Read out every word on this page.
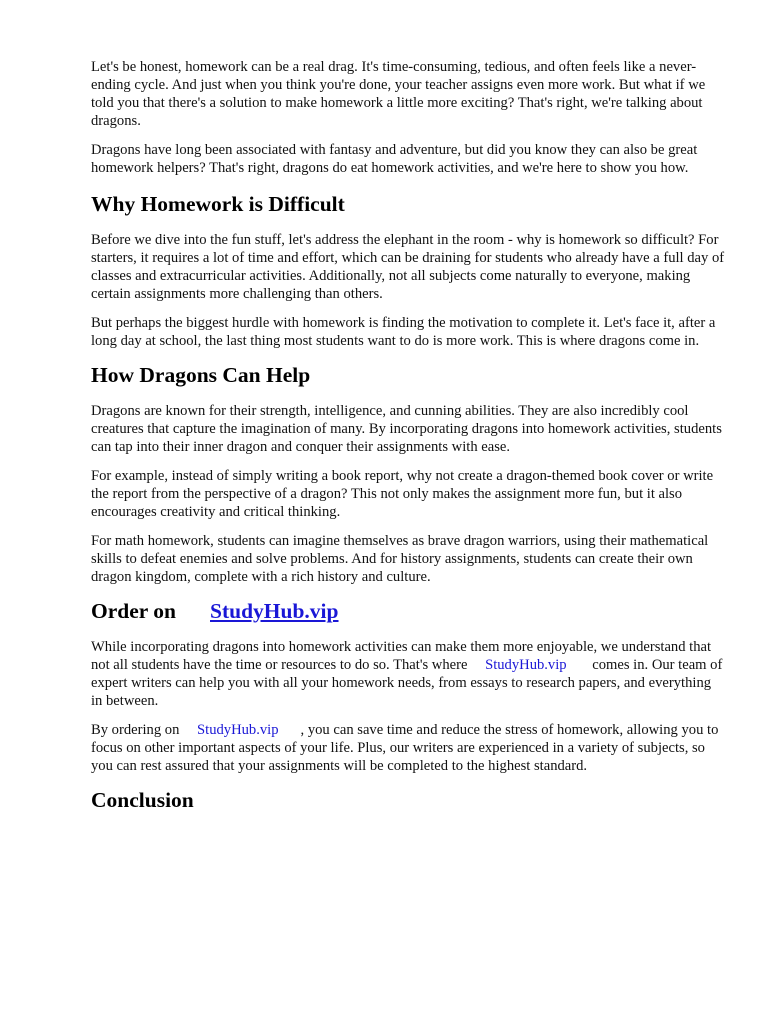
Let's be honest, homework can be a real drag. It's time-consuming, tedious, and often feels like a never-ending cycle. And just when you think you're done, your teacher assigns even more work. But what if we told you that there's a solution to make homework a little more exciting? That's right, we're talking about dragons.

Dragons have long been associated with fantasy and adventure, but did you know they can also be great homework helpers? That's right, dragons do eat homework activities, and we're here to show you how.

Why Homework is Difficult

Before we dive into the fun stuff, let's address the elephant in the room - why is homework so difficult? For starters, it requires a lot of time and effort, which can be draining for students who already have a full day of classes and extracurricular activities. Additionally, not all subjects come naturally to everyone, making certain assignments more challenging than others.

But perhaps the biggest hurdle with homework is finding the motivation to complete it. Let's face it, after a long day at school, the last thing most students want to do is more work. This is where dragons come in.

How Dragons Can Help

Dragons are known for their strength, intelligence, and cunning abilities. They are also incredibly cool creatures that capture the imagination of many. By incorporating dragons into homework activities, students can tap into their inner dragon and conquer their assignments with ease.

For example, instead of simply writing a book report, why not create a dragon-themed book cover or write the report from the perspective of a dragon? This not only makes the assignment more fun, but it also encourages creativity and critical thinking.

For math homework, students can imagine themselves as brave dragon warriors, using their mathematical skills to defeat enemies and solve problems. And for history assignments, students can create their own dragon kingdom, complete with a rich history and culture.

Order on StudyHub.vip

While incorporating dragons into homework activities can make them more enjoyable, we understand that not all students have the time or resources to do so. That's where StudyHub.vip comes in. Our team of expert writers can help you with all your homework needs, from essays to research papers, and everything in between.

By ordering on StudyHub.vip , you can save time and reduce the stress of homework, allowing you to focus on other important aspects of your life. Plus, our writers are experienced in a variety of subjects, so you can rest assured that your assignments will be completed to the highest standard.

Conclusion
